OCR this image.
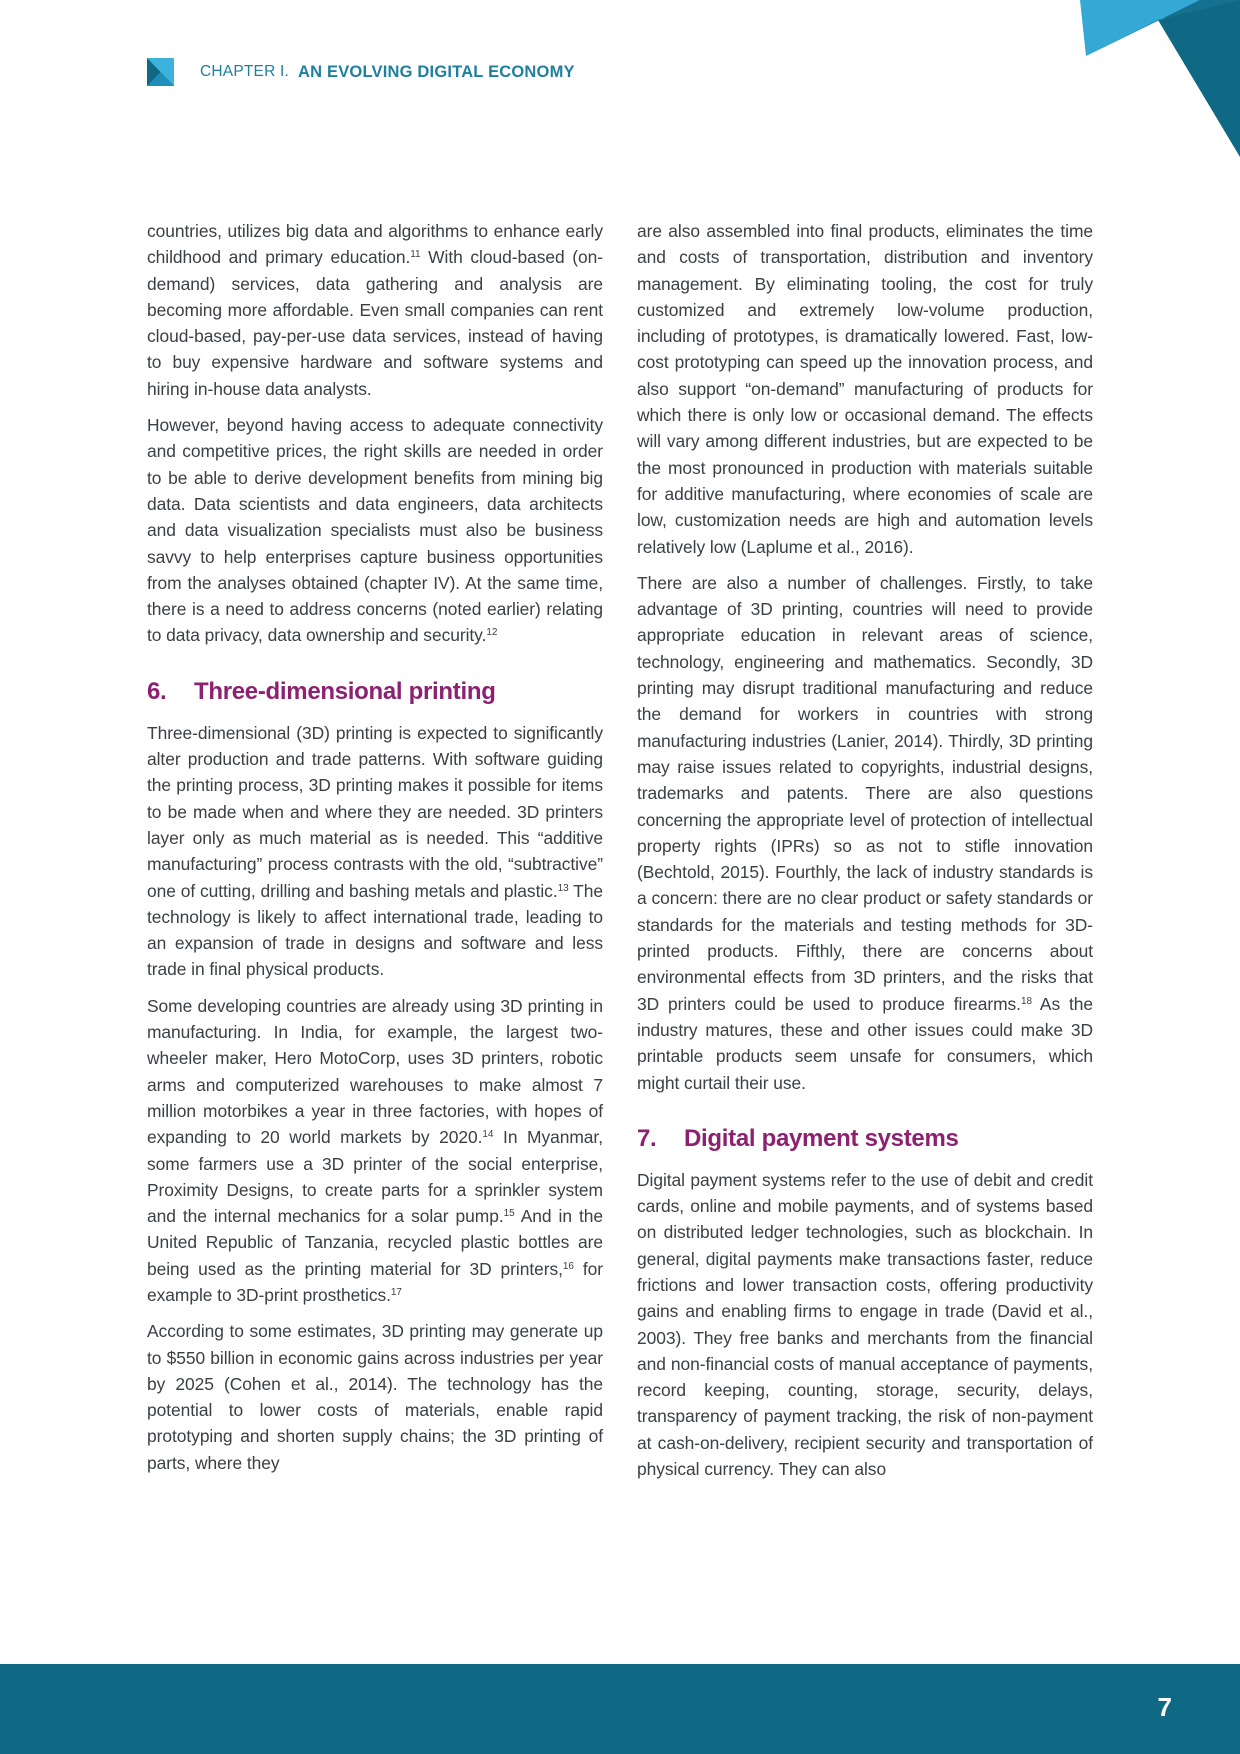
CHAPTER I. AN EVOLVING DIGITAL ECONOMY

countries, utilizes big data and algorithms to enhance early childhood and primary education.$^{11}$ With cloud-based (on-demand) services, data gathering and analysis are becoming more affordable. Even small companies can rent cloud-based, pay-per-use data services, instead of having to buy expensive hardware and software systems and hiring in-house data analysts.

However, beyond having access to adequate connectivity and competitive prices, the right skills are needed in order to be able to derive development benefits from mining big data. Data scientists and data engineers, data architects and data visualization specialists must also be business savvy to help enterprises capture business opportunities from the analyses obtained (chapter IV). At the same time, there is a need to address concerns (noted earlier) relating to data privacy, data ownership and security.$^{12}$

6.	Three-dimensional printing

Three-dimensional (3D) printing is expected to significantly alter production and trade patterns. With software guiding the printing process, 3D printing makes it possible for items to be made when and where they are needed. 3D printers layer only as much material as is needed. This “additive manufacturing” process contrasts with the old, “subtractive” one of cutting, drilling and bashing metals and plastic.$^{13}$ The technology is likely to affect international trade, leading to an expansion of trade in designs and software and less trade in final physical products.

Some developing countries are already using 3D printing in manufacturing. In India, for example, the largest two-wheeler maker, Hero MotoCorp, uses 3D printers, robotic arms and computerized warehouses to make almost 7 million motorbikes a year in three factories, with hopes of expanding to 20 world markets by 2020.14 In Myanmar, some farmers use a 3D printer of the social enterprise, Proximity Designs, to create parts for a sprinkler system and the internal mechanics for a solar pump.$^{15}$ And in the United Republic of Tanzania, recycled plastic bottles are being used as the printing material for 3D printers,$^{16}$ for example to 3D-print prosthetics.$^{17}$

According to some estimates, 3D printing may generate up to $550 billion in economic gains across industries per year by 2025 (Cohen et al., 2014). The technology has the potential to lower costs of materials, enable rapid prototyping and shorten supply chains; the 3D printing of parts, where they

are also assembled into final products, eliminates the time and costs of transportation, distribution and inventory management. By eliminating tooling, the cost for truly customized and extremely low-volume production, including of prototypes, is dramatically lowered. Fast, low-cost prototyping can speed up the innovation process, and also support “on-demand” manufacturing of products for which there is only low or occasional demand. The effects will vary among different industries, but are expected to be the most pronounced in production with materials suitable for additive manufacturing, where economies of scale are low, customization needs are high and automation levels relatively low (Laplume et al., 2016).

There are also a number of challenges. Firstly, to take advantage of 3D printing, countries will need to provide appropriate education in relevant areas of science, technology, engineering and mathematics. Secondly, 3D printing may disrupt traditional manufacturing and reduce the demand for workers in countries with strong manufacturing industries (Lanier, 2014). Thirdly, 3D printing may raise issues related to copyrights, industrial designs, trademarks and patents. There are also questions concerning the appropriate level of protection of intellectual property rights (IPRs) so as not to stifle innovation (Bechtold, 2015). Fourthly, the lack of industry standards is a concern: there are no clear product or safety standards or standards for the materials and testing methods for 3D-printed products. Fifthly, there are concerns about environmental effects from 3D printers, and the risks that 3D printers could be used to produce firearms.$^{18}$ As the industry matures, these and other issues could make 3D printable products seem unsafe for consumers, which might curtail their use.

7.	Digital payment systems

Digital payment systems refer to the use of debit and credit cards, online and mobile payments, and of systems based on distributed ledger technologies, such as blockchain. In general, digital payments make transactions faster, reduce frictions and lower transaction costs, offering productivity gains and enabling firms to engage in trade (David et al., 2003). They free banks and merchants from the financial and non-financial costs of manual acceptance of payments, record keeping, counting, storage, security, delays, transparency of payment tracking, the risk of non-payment at cash-on-delivery, recipient security and transportation of physical currency. They can also

7
